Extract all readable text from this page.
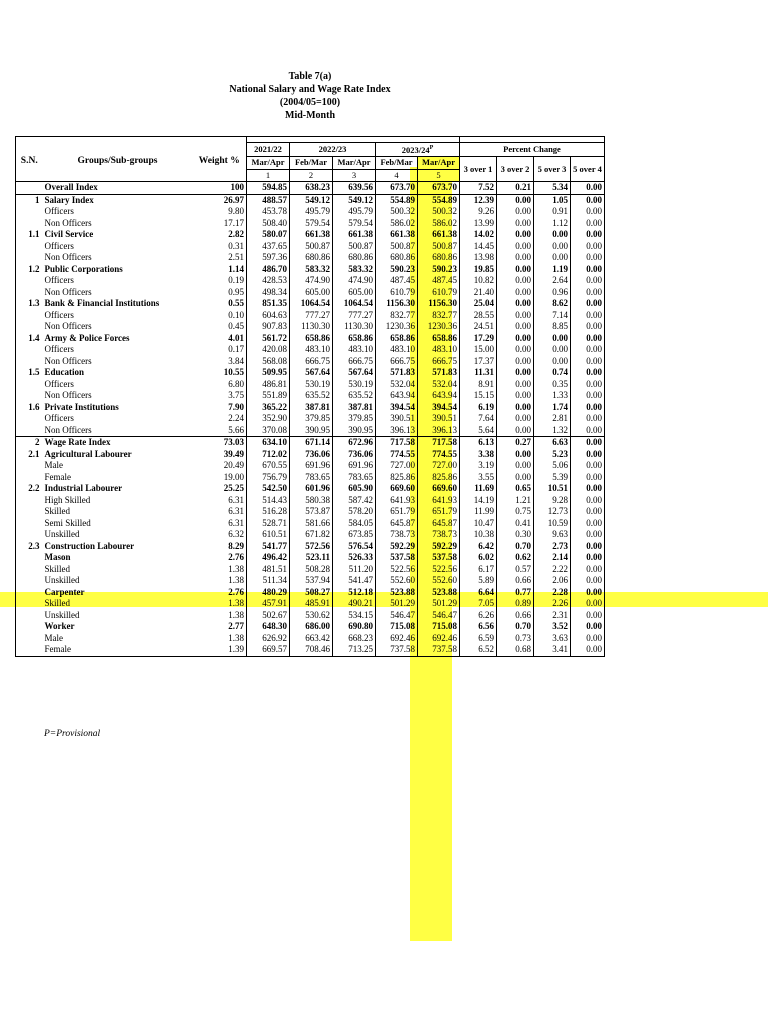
Table 7(a)
National Salary and Wage Rate Index
(2004/05=100)
Mid-Month

S.N.	Groups/Sub-groups	Weight %	2021/22	2022/23		$2023/24^P$		Percent Change			
			Mar/Apr	Feb/Mar	Mar/Apr	Feb/Mar	Mar/Apr	3 over 1	3 over 2	5 over 3	5 over 4
			1	2	3	4	5				
	Overall Index	100	594.85	638.23	639.56	673.70	673.70	7.52	0.21	5.34	0.00
1	Salary Index	26.97	488.57	549.12	549.12	554.89	554.89	12.39	0.00	1.05	0.00
	Officers	9.80	453.78	495.79	495.79	500.32	500.32	9.26	0.00	0.91	0.00
	Non Officers	17.17	508.40	579.54	579.54	586.02	586.02	13.99	0.00	1.12	0.00
1.1	Civil Service	2.82	580.07	661.38	661.38	661.38	661.38	14.02	0.00	0.00	0.00
	Officers	0.31	437.65	500.87	500.87	500.87	500.87	14.45	0.00	0.00	0.00
	Non Officers	2.51	597.36	680.86	680.86	680.86	680.86	13.98	0.00	0.00	0.00
1.2	Public Corporations	1.14	486.70	583.32	583.32	590.23	590.23	19.85	0.00	1.19	0.00
	Officers	0.19	428.53	474.90	474.90	487.45	487.45	10.82	0.00	2.64	0.00
	Non Officers	0.95	498.34	605.00	605.00	610.79	610.79	21.40	0.00	0.96	0.00
1.3	Bank & Financial Institutions	0.55	851.35	1064.54	1064.54	1156.30	1156.30	25.04	0.00	8.62	0.00
	Officers	0.10	604.63	777.27	777.27	832.77	832.77	28.55	0.00	7.14	0.00
	Non Officers	0.45	907.83	1130.30	1130.30	1230.36	1230.36	24.51	0.00	8.85	0.00
1.4	Army & Police Forces	4.01	561.72	658.86	658.86	658.86	658.86	17.29	0.00	0.00	0.00
	Officers	0.17	420.08	483.10	483.10	483.10	483.10	15.00	0.00	0.00	0.00
	Non Officers	3.84	568.08	666.75	666.75	666.75	666.75	17.37	0.00	0.00	0.00
1.5	Education	10.55	509.95	567.64	567.64	571.83	571.83	11.31	0.00	0.74	0.00
	Officers	6.80	486.81	530.19	530.19	532.04	532.04	8.91	0.00	0.35	0.00
	Non Officers	3.75	551.89	635.52	635.52	643.94	643.94	15.15	0.00	1.33	0.00
1.6	Private Institutions	7.90	365.22	387.81	387.81	394.54	394.54	6.19	0.00	1.74	0.00
	Officers	2.24	352.90	379.85	379.85	390.51	390.51	7.64	0.00	2.81	0.00
	Non Officers	5.66	370.08	390.95	390.95	396.13	396.13	5.64	0.00	1.32	0.00
2	Wage Rate Index	73.03	634.10	671.14	672.96	717.58	717.58	6.13	0.27	6.63	0.00
2.1	Agricultural Labourer	39.49	712.02	736.06	736.06	774.55	774.55	3.38	0.00	5.23	0.00
	Male	20.49	670.55	691.96	691.96	727.00	727.00	3.19	0.00	5.06	0.00
	Female	19.00	756.79	783.65	783.65	825.86	825.86	3.55	0.00	5.39	0.00
2.2	Industrial Labourer	25.25	542.50	601.96	605.90	669.60	669.60	11.69	0.65	10.51	0.00
	High Skilled	6.31	514.43	580.38	587.42	641.93	641.93	14.19	1.21	9.28	0.00
	Skilled	6.31	516.28	573.87	578.20	651.79	651.79	11.99	0.75	12.73	0.00
	Semi Skilled	6.31	528.71	581.66	584.05	645.87	645.87	10.47	0.41	10.59	0.00
	Unskilled	6.32	610.51	671.82	673.85	738.73	738.73	10.38	0.30	9.63	0.00
2.3	Construction Labourer	8.29	541.77	572.56	576.54	592.29	592.29	6.42	0.70	2.73	0.00
	Mason	2.76	496.42	523.11	526.33	537.58	537.58	6.02	0.62	2.14	0.00
	Skilled	1.38	481.51	508.28	511.20	522.56	522.56	6.17	0.57	2.22	0.00
	Unskilled	1.38	511.34	537.94	541.47	552.60	552.60	5.89	0.66	2.06	0.00
	Carpenter	2.76	480.29	508.27	512.18	523.88	523.88	6.64	0.77	2.28	0.00
	Skilled	1.38	457.91	485.91	490.21	501.29	501.29	7.05	0.89	2.26	0.00
	Unskilled	1.38	502.67	530.62	534.15	546.47	546.47	6.26	0.66	2.31	0.00
	Worker	2.77	648.30	686.00	690.80	715.08	715.08	6.56	0.70	3.52	0.00
	Male	1.38	626.92	663.42	668.23	692.46	692.46	6.59	0.73	3.63	0.00
	Female	1.39	669.57	708.46	713.25	737.58	737.58	6.52	0.68	3.41	0.00
P=Provisional
